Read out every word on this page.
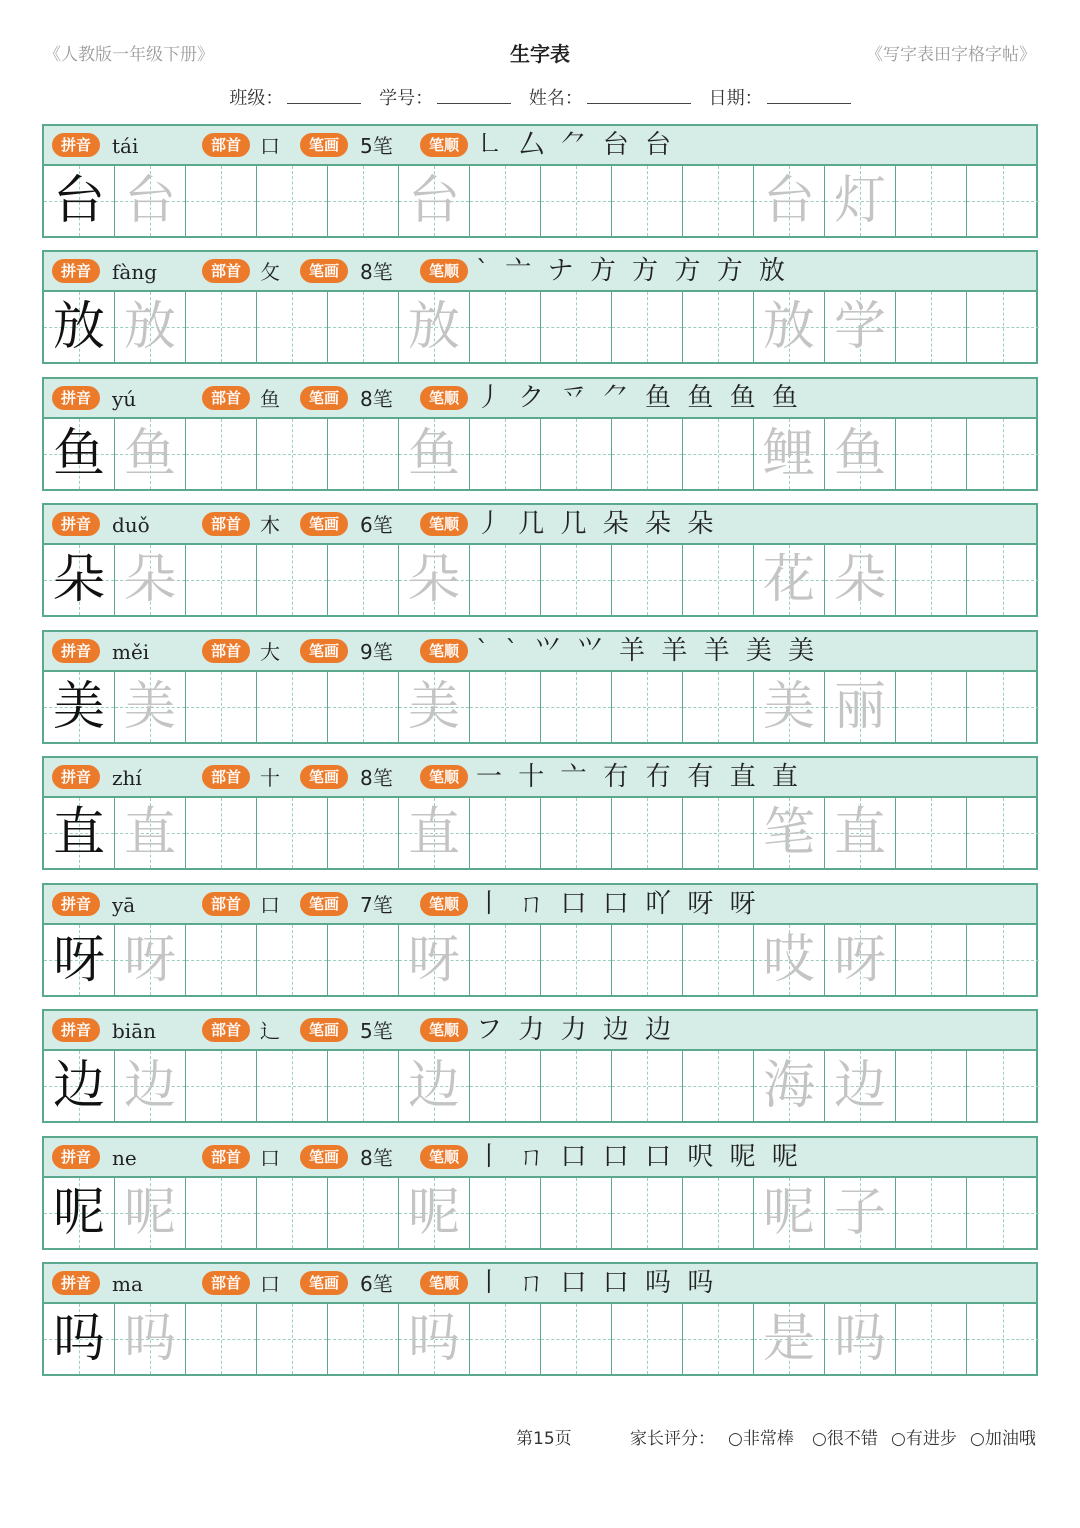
《人教版一年级下册》	生字表	《写字表田字格字帖》
班级：	学号：	姓名：	日期：
拼音	tái	部首 口	笔画	5笔	笔顺 ㇗ 厶 ⺈ 台 台
台 台	台	台 灯
拼音	fàng	部首 攵	笔画	8笔	笔顺 ` 亠 ナ 方 方 方 方 放
放 放	放	放 学
拼音	yú	部首 鱼	笔画	8笔	笔顺 丿 ク 乊 ⺈ 鱼 鱼 鱼 鱼
鱼 鱼	鱼	鲤 鱼
拼音	duǒ	部首 木	笔画	6笔	笔顺 丿 几 几 朵 朵 朵
朵 朵	朵	花 朵
拼音	měi	部首 大	笔画	9笔	笔顺 ` ` ⺍ ⺍ 羊 羊 羊 美 美
美 美	美	美 丽
拼音	zhí	部首 十	笔画	8笔	笔顺 一 十 亠 冇 冇 有 直 直
直 直	直	笔 直
拼音	yā	部首 口	笔画	7笔	笔顺 丨 ㄇ 口 口 吖 呀 呀
呀 呀	呀	哎 呀
拼音	biān	部首 辶	笔画	5笔	笔顺 フ 力 力 边 边
边 边	边	海 边
拼音	ne	部首 口	笔画	8笔	笔顺 丨 ㄇ 口 口 口 呎 呢 呢
呢 呢	呢	呢 子
拼音	ma	部首 口	笔画	6笔	笔顺 丨 ㄇ 口 口 吗 吗
吗 吗	吗	是 吗
第15页	家长评分： ○非常棒 ○很不错 ○有进步 ○加油哦
